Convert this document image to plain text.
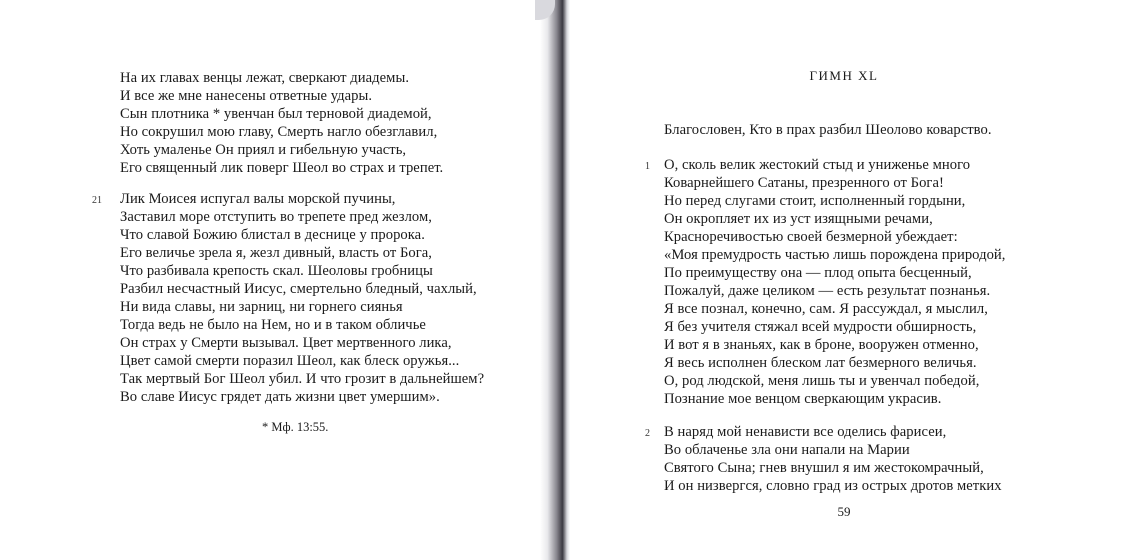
На их главах венцы лежат, сверкают диадемы.
И все же мне нанесены ответные удары.
Сын плотника * увенчан был терновой диадемой,
Но сокрушил мою главу, Смерть нагло обезглавил,
Хоть умаленье Он приял и гибельную участь,
Его священный лик поверг Шеол во страх и трепет.
21 Лик Моисея испугал валы морской пучины,
Заставил море отступить во трепете пред жезлом,
Что славой Божию блистал в деснице у пророка.
Его величье зрела я, жезл дивный, власть от Бога,
Что разбивала крепость скал. Шеоловы гробницы
Разбил несчастный Иисус, смертельно бледный, чахлый,
Ни вида славы, ни зарниц, ни горнего сиянья
Тогда ведь не было на Нем, но и в таком обличье
Он страх у Смерти вызывал. Цвет мертвенного лика,
Цвет самой смерти поразил Шеол, как блеск оружья...
Так мертвый Бог Шеол убил. И что грозит в дальнейшем?
Во славе Иисус грядет дать жизни цвет умершим».
* Мф. 13:55.
ГИМН XL
Благословен, Кто в прах разбил Шеолово коварство.
1 О, сколь велик жестокий стыд и униженье много
Коварнейшего Сатаны, презренного от Бога!
Но перед слугами стоит, исполненный гордыни,
Он окропляет их из уст изящными речами,
Красноречивостью своей безмерной убеждает:
«Моя премудрость частью лишь порождена природой,
По преимуществу она — плод опыта бесценный,
Пожалуй, даже целиком — есть результат познанья.
Я все познал, конечно, сам. Я рассуждал, я мыслил,
Я без учителя стяжал всей мудрости обширность,
И вот я в знаньях, как в броне, вооружен отменно,
Я весь исполнен блеском лат безмерного величья.
О, род людской, меня лишь ты и увенчал победой,
Познание мое венцом сверкающим украсив.
2 В наряд мой ненависти все оделись фарисеи,
Во облаченье зла они напали на Марии
Святого Сына; гнев внушил я им жестокомрачный,
И он низвергся, словно град из острых дротов метких
59
